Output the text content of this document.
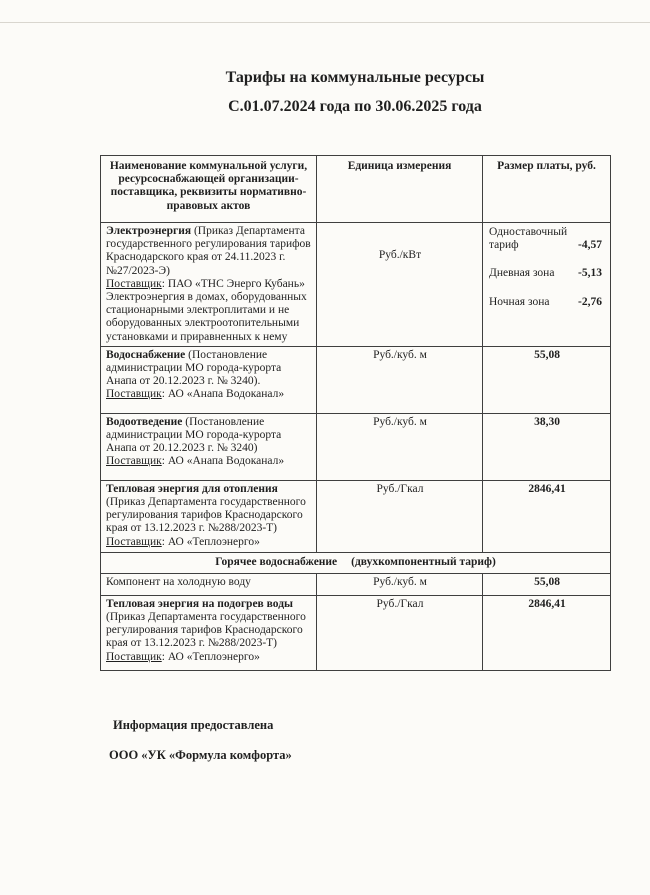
Тарифы на коммунальные ресурсы
С.01.07.2024 года по 30.06.2025 года
Наименование коммунальной услуги, ресурсоснабжающей организации-поставщика, реквизиты нормативно-правовых актов	Единица измерения	Размер платы, руб.
Электроэнергия (Приказ Департамента государственного регулирования тарифов Краснодарского края от 24.11.2023 г. №27/2023-Э)
Поставщик: ПАО «ТНС Энерго Кубань»
Электроэнергия в домах, оборудованных стационарными электроплитами и не оборудованных электроотопительными установками и приравненных к нему	Руб./кВт	
Одноставочный тариф	-4,57
Дневная зона -5,13
Ночная зона -2,76

Водоснабжение (Постановление администрации МО города-курорта Анапа от 20.12.2023 г. № 3240).
Поставщик: АО «Анапа Водоканал»	Руб./куб. м	55,08
Водоотведение (Постановление администрации МО города-курорта Анапа от 20.12.2023 г. № 3240)
Поставщик: АО «Анапа Водоканал»	Руб./куб. м	38,30
Тепловая энергия для отопления (Приказ Департамента государственного регулирования тарифов Краснодарского края от 13.12.2023 г. №288/2023-Т)
Поставщик: АО «Теплоэнерго»	Руб./Гкал	2846,41
Горячее водоснабжение (двухкомпонентный тариф)		
Компонент на холодную воду	Руб./куб. м	55,08
Тепловая энергия на подогрев воды (Приказ Департамента государственного регулирования тарифов Краснодарского края от 13.12.2023 г. №288/2023-Т)
Поставщик: АО «Теплоэнерго»	Руб./Гкал	2846,41
Информация предоставлена
ООО «УК «Формула комфорта»
